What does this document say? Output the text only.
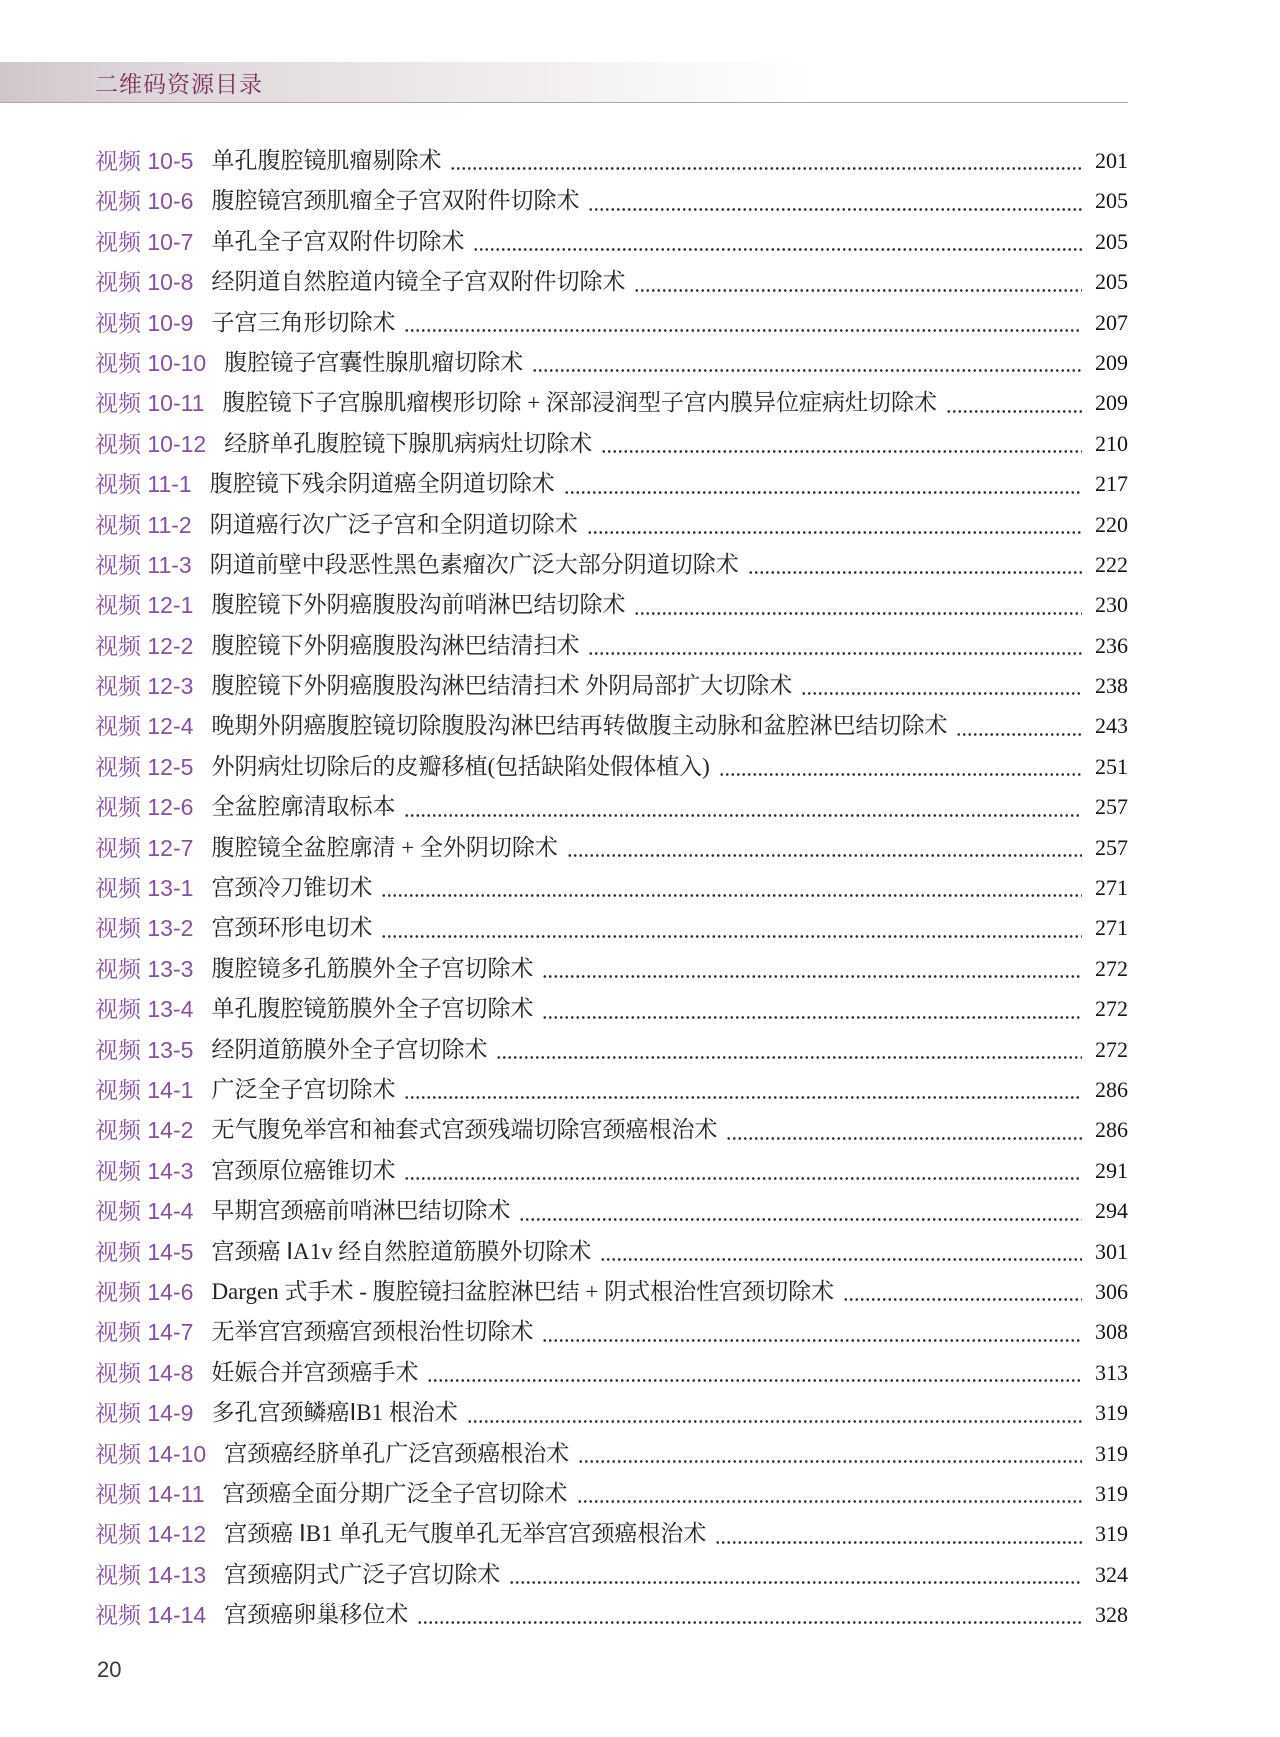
二维码资源目录
视频 10-5 单孔腹腔镜肌瘤剔除术	201
视频 10-6 腹腔镜宫颈肌瘤全子宫双附件切除术	205
视频 10-7 单孔全子宫双附件切除术	205
视频 10-8 经阴道自然腔道内镜全子宫双附件切除术	205
视频 10-9 子宫三角形切除术	207
视频 10-10 腹腔镜子宫囊性腺肌瘤切除术	209
视频 10-11 腹腔镜下子宫腺肌瘤楔形切除 + 深部浸润型子宫内膜异位症病灶切除术	209
视频 10-12 经脐单孔腹腔镜下腺肌病病灶切除术	210
视频 11-1 腹腔镜下残余阴道癌全阴道切除术	217
视频 11-2 阴道癌行次广泛子宫和全阴道切除术	220
视频 11-3 阴道前壁中段恶性黑色素瘤次广泛大部分阴道切除术	222
视频 12-1 腹腔镜下外阴癌腹股沟前哨淋巴结切除术	230
视频 12-2 腹腔镜下外阴癌腹股沟淋巴结清扫术	236
视频 12-3 腹腔镜下外阴癌腹股沟淋巴结清扫术 外阴局部扩大切除术	238
视频 12-4 晚期外阴癌腹腔镜切除腹股沟淋巴结再转做腹主动脉和盆腔淋巴结切除术	243
视频 12-5 外阴病灶切除后的皮瓣移植(包括缺陷处假体植入)	251
视频 12-6 全盆腔廓清取标本	257
视频 12-7 腹腔镜全盆腔廓清 + 全外阴切除术	257
视频 13-1 宫颈冷刀锥切术	271
视频 13-2 宫颈环形电切术	271
视频 13-3 腹腔镜多孔筋膜外全子宫切除术	272
视频 13-4 单孔腹腔镜筋膜外全子宫切除术	272
视频 13-5 经阴道筋膜外全子宫切除术	272
视频 14-1 广泛全子宫切除术	286
视频 14-2 无气腹免举宫和袖套式宫颈残端切除宫颈癌根治术	286
视频 14-3 宫颈原位癌锥切术	291
视频 14-4 早期宫颈癌前哨淋巴结切除术	294
视频 14-5 宫颈癌 ⅠA1v 经自然腔道筋膜外切除术	301
视频 14-6 Dargen 式手术 - 腹腔镜扫盆腔淋巴结 + 阴式根治性宫颈切除术	306
视频 14-7 无举宫宫颈癌宫颈根治性切除术	308
视频 14-8 妊娠合并宫颈癌手术	313
视频 14-9 多孔宫颈鳞癌ⅠB1 根治术	319
视频 14-10 宫颈癌经脐单孔广泛宫颈癌根治术	319
视频 14-11 宫颈癌全面分期广泛全子宫切除术	319
视频 14-12 宫颈癌 ⅠB1 单孔无气腹单孔无举宫宫颈癌根治术	319
视频 14-13 宫颈癌阴式广泛子宫切除术	324
视频 14-14 宫颈癌卵巢移位术	328
20
